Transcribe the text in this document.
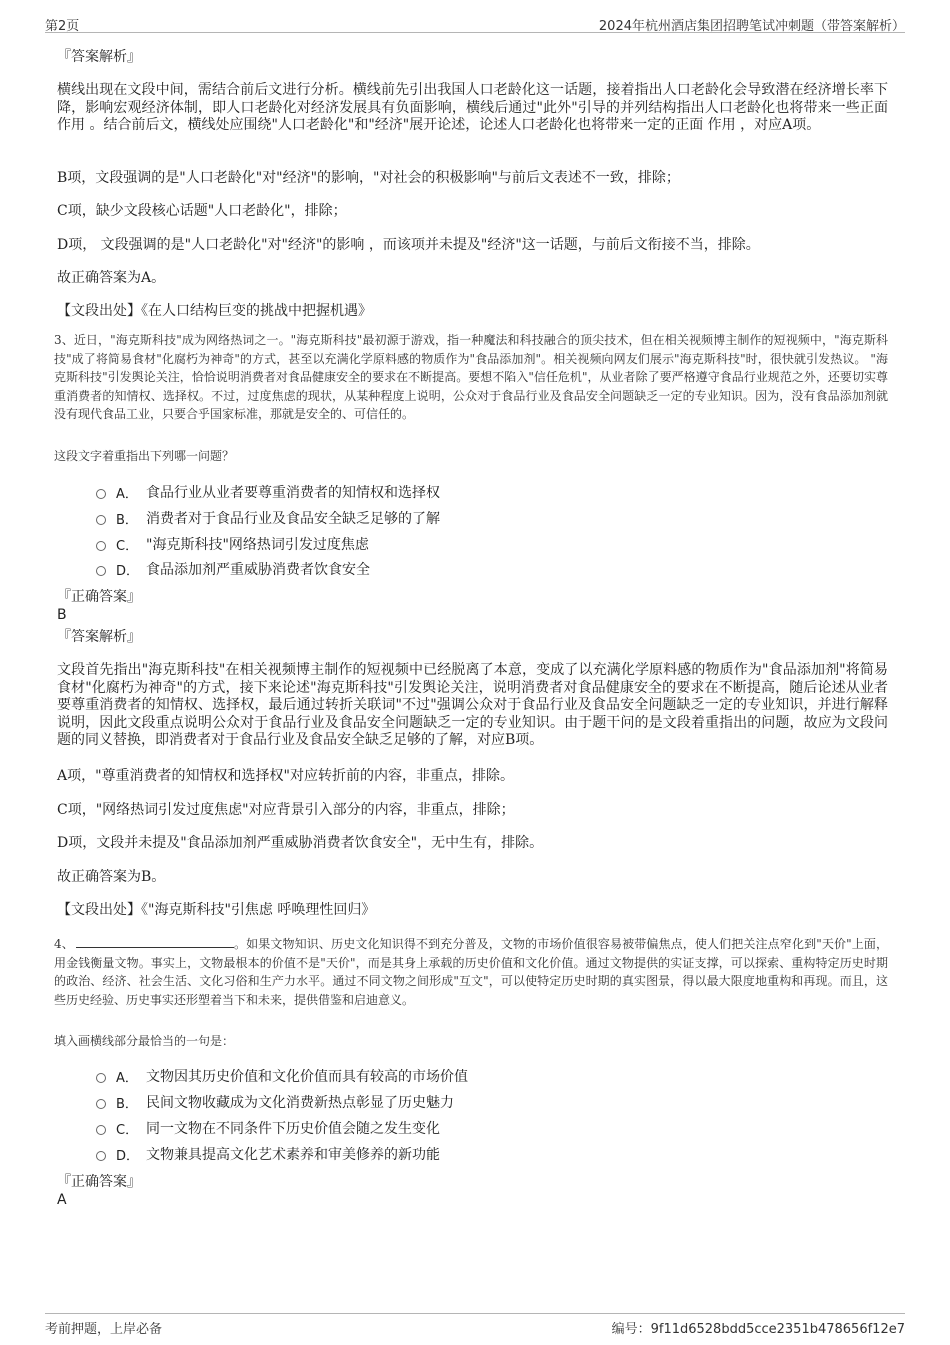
第2页	2024年杭州酒店集团招聘笔试冲刺题（带答案解析）
『答案解析』
横线出现在文段中间，需结合前后文进行分析。横线前先引出我国人口老龄化这一话题，接着指出人口老龄化会导致潜在经济增长率下降，影响宏观经济体制，即人口老龄化对经济发展具有负面影响，横线后通过"此外"引导的并列结构指出人口老龄化也将带来一些正面 作用 。结合前后文，横线处应围绕"人口老龄化"和"经济"展开论述，论述人口老龄化也将带来一定的正面 作用 ，对应A项。
B项，文段强调的是"人口老龄化"对"经济"的影响，"对社会的积极影响"与前后文表述不一致，排除；
C项，缺少文段核心话题"人口老龄化"，排除；
D项， 文段强调的是"人口老龄化"对"经济"的影响 ，而该项并未提及"经济"这一话题，与前后文衔接不当，排除。
故正确答案为A。
【文段出处】《在人口结构巨变的挑战中把握机遇》
3、近日，"海克斯科技"成为网络热词之一。"海克斯科技"最初源于游戏，指一种魔法和科技融合的顶尖技术，但在相关视频博主制作的短视频中，"海克斯科技"成了将简易食材"化腐朽为神奇"的方式，甚至以充满化学原料感的物质作为"食品添加剂"。相关视频向网友们展示"海克斯科技"时，很快就引发热议。 "海克斯科技"引发舆论关注，恰恰说明消费者对食品健康安全的要求在不断提高。要想不陷入"信任危机"，从业者除了要严格遵守食品行业规范之外，还要切实尊重消费者的知情权、选择权。不过，过度焦虑的现状，从某种程度上说明，公众对于食品行业及食品安全问题缺乏一定的专业知识。因为，没有食品添加剂就没有现代食品工业，只要合乎国家标准，那就是安全的、可信任的。
这段文字着重指出下列哪一问题？
A． 食品行业从业者要尊重消费者的知情权和选择权
B． 消费者对于食品行业及食品安全缺乏足够的了解
C． "海克斯科技"网络热词引发过度焦虑
D． 食品添加剂严重威胁消费者饮食安全
『正确答案』
B
『答案解析』
文段首先指出"海克斯科技"在相关视频博主制作的短视频中已经脱离了本意，变成了以充满化学原料感的物质作为"食品添加剂"将简易食材"化腐朽为神奇"的方式，接下来论述"海克斯科技"引发舆论关注，说明消费者对食品健康安全的要求在不断提高，随后论述从业者要尊重消费者的知情权、选择权，最后通过转折关联词"不过"强调公众对于食品行业及食品安全问题缺乏一定的专业知识，并进行解释说明，因此文段重点说明公众对于食品行业及食品安全问题缺乏一定的专业知识。由于题干问的是文段着重指出的问题，故应为文段问题的同义替换，即消费者对于食品行业及食品安全缺乏足够的了解，对应B项。
A项，"尊重消费者的知情权和选择权"对应转折前的内容，非重点，排除。
C项，"网络热词引发过度焦虑"对应背景引入部分的内容，非重点，排除；
D项，文段并未提及"食品添加剂严重威胁消费者饮食安全"，无中生有，排除。
故正确答案为B。
【文段出处】《"海克斯科技"引焦虑 呼唤理性回归》
4、	。如果文物知识、历史文化知识得不到充分普及，文物的市场价值很容易被带偏焦点，使人们把关注点窄化到"天价"上面，用金钱衡量文物。事实上，文物最根本的价值不是"天价"，而是其身上承载的历史价值和文化价值。通过文物提供的实证支撑，可以探索、重构特定历史时期的政治、经济、社会生活、文化习俗和生产力水平。通过不同文物之间形成"互文"，可以使特定历史时期的真实图景，得以最大限度地重构和再现。而且，这些历史经验、历史事实还形塑着当下和未来，提供借鉴和启迪意义。
填入画横线部分最恰当的一句是：
A． 文物因其历史价值和文化价值而具有较高的市场价值
B． 民间文物收藏成为文化消费新热点彰显了历史魅力
C． 同一文物在不同条件下历史价值会随之发生变化
D． 文物兼具提高文化艺术素养和审美修养的新功能
『正确答案』
A
考前押题，上岸必备	编号：9f11d6528bdd5cce2351b478656f12e7
